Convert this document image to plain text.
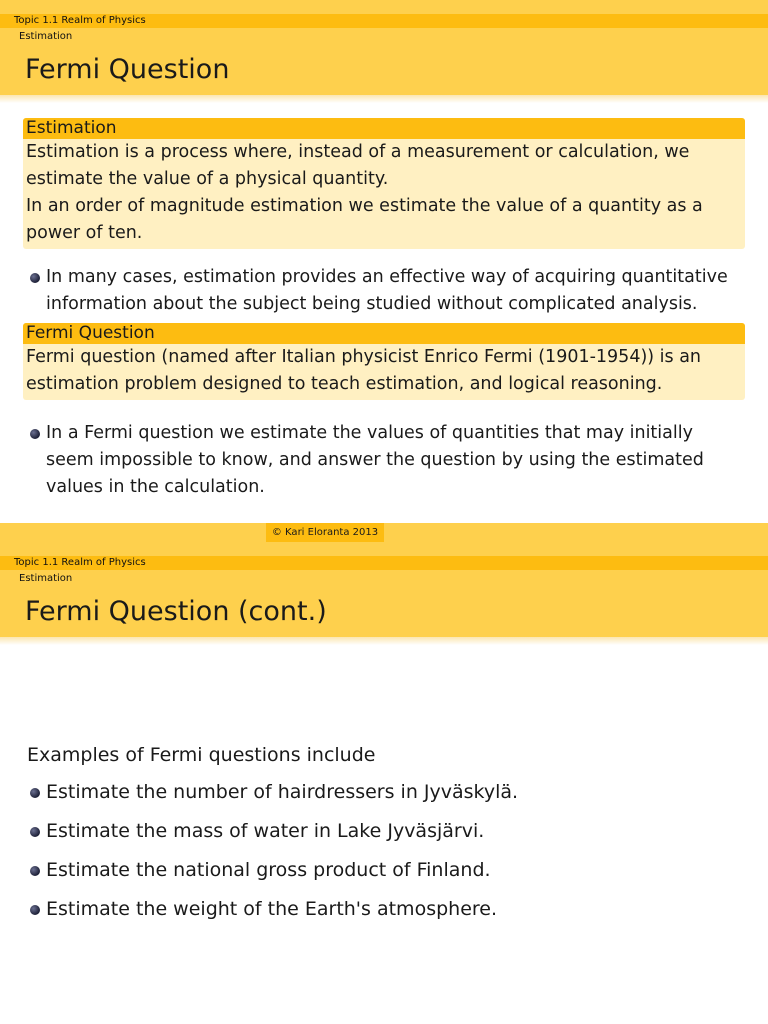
Topic 1.1 Realm of Physics
Estimation
Fermi Question
Estimation
Estimation is a process where, instead of a measurement or calculation, we estimate the value of a physical quantity.
In an order of magnitude estimation we estimate the value of a quantity as a power of ten.
In many cases, estimation provides an effective way of acquiring quantitative information about the subject being studied without complicated analysis.
Fermi Question
Fermi question (named after Italian physicist Enrico Fermi (1901-1954)) is an estimation problem designed to teach estimation, and logical reasoning.
In a Fermi question we estimate the values of quantities that may initially seem impossible to know, and answer the question by using the estimated values in the calculation.
© Kari Eloranta 2013
Topic 1.1 Realm of Physics
Estimation
Fermi Question (cont.)
Examples of Fermi questions include
Estimate the number of hairdressers in Jyväskylä.
Estimate the mass of water in Lake Jyväsjärvi.
Estimate the national gross product of Finland.
Estimate the weight of the Earth's atmosphere.
